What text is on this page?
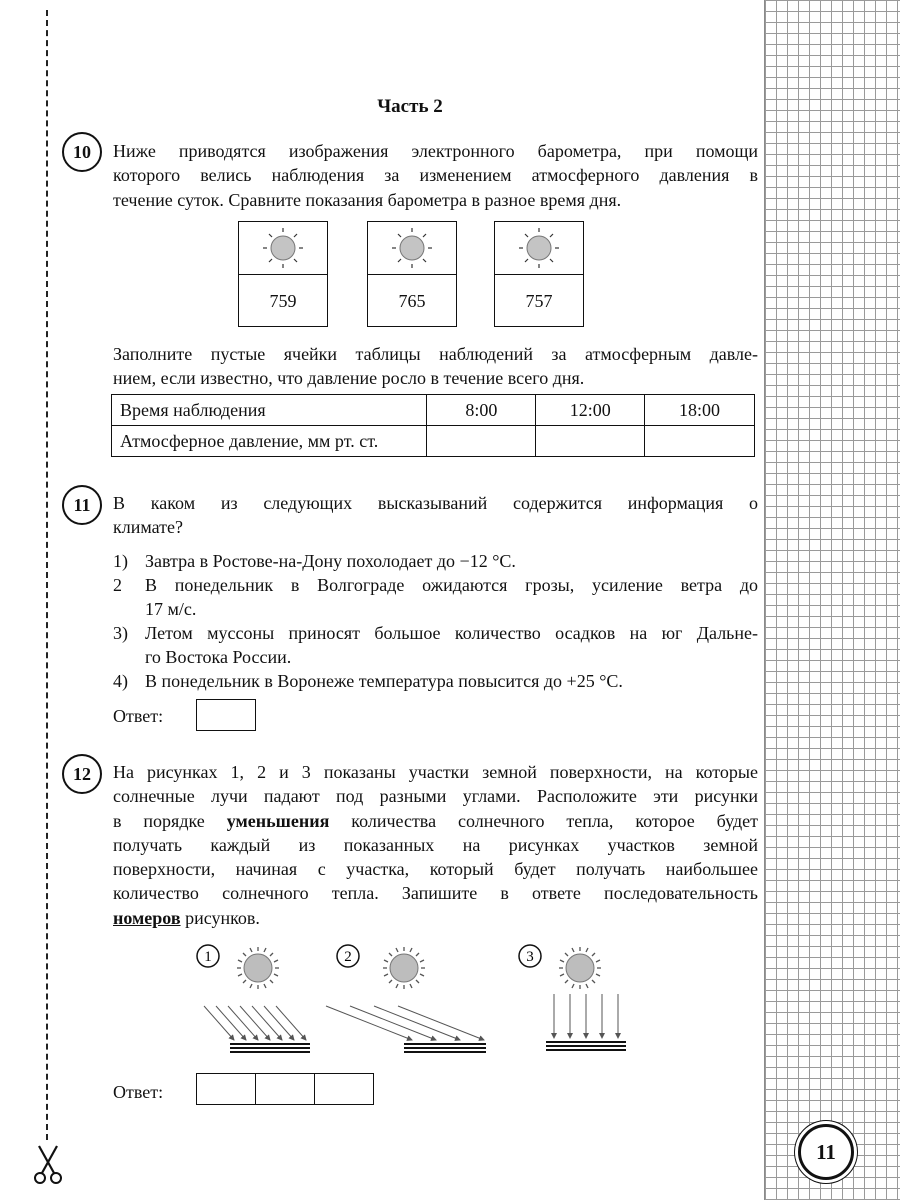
Часть 2
10	Ниже приводятся изображения электронного барометра, при помощи
которого велись наблюдения за изменением атмосферного давления в
течение суток. Сравните показания барометра в разное время дня.
759	765	757
Заполните пустые ячейки таблицы наблюдений за атмосферным давле-
нием, если известно, что давление росло в течение всего дня.
Время наблюдения	8:00	12:00	18:00
Атмосферное давление, мм рт. ст.			
11	В каком из следующих высказываний содержится информация о
климате?
1) Завтра в Ростове-на-Дону похолодает до −12 °С.
2 В понедельник в Волгограде ожидаются грозы, усиление ветра до
17 м/с.
3) Летом муссоны приносят большое количество осадков на юг Дальне-
го Востока России.
4) В понедельник в Воронеже температура повысится до +25 °С.
Ответ:
12	На рисунках 1, 2 и 3 показаны участки земной поверхности, на которые
солнечные лучи падают под разными углами. Расположите эти рисунки
в порядке уменьшения количества солнечного тепла, которое будет
получать каждый из показанных на рисунках участков земной
поверхности, начиная с участка, который будет получать наибольшее
количество солнечного тепла. Запишите в ответе последовательность
номеров рисунков.
1	2	3
Ответ:
11
